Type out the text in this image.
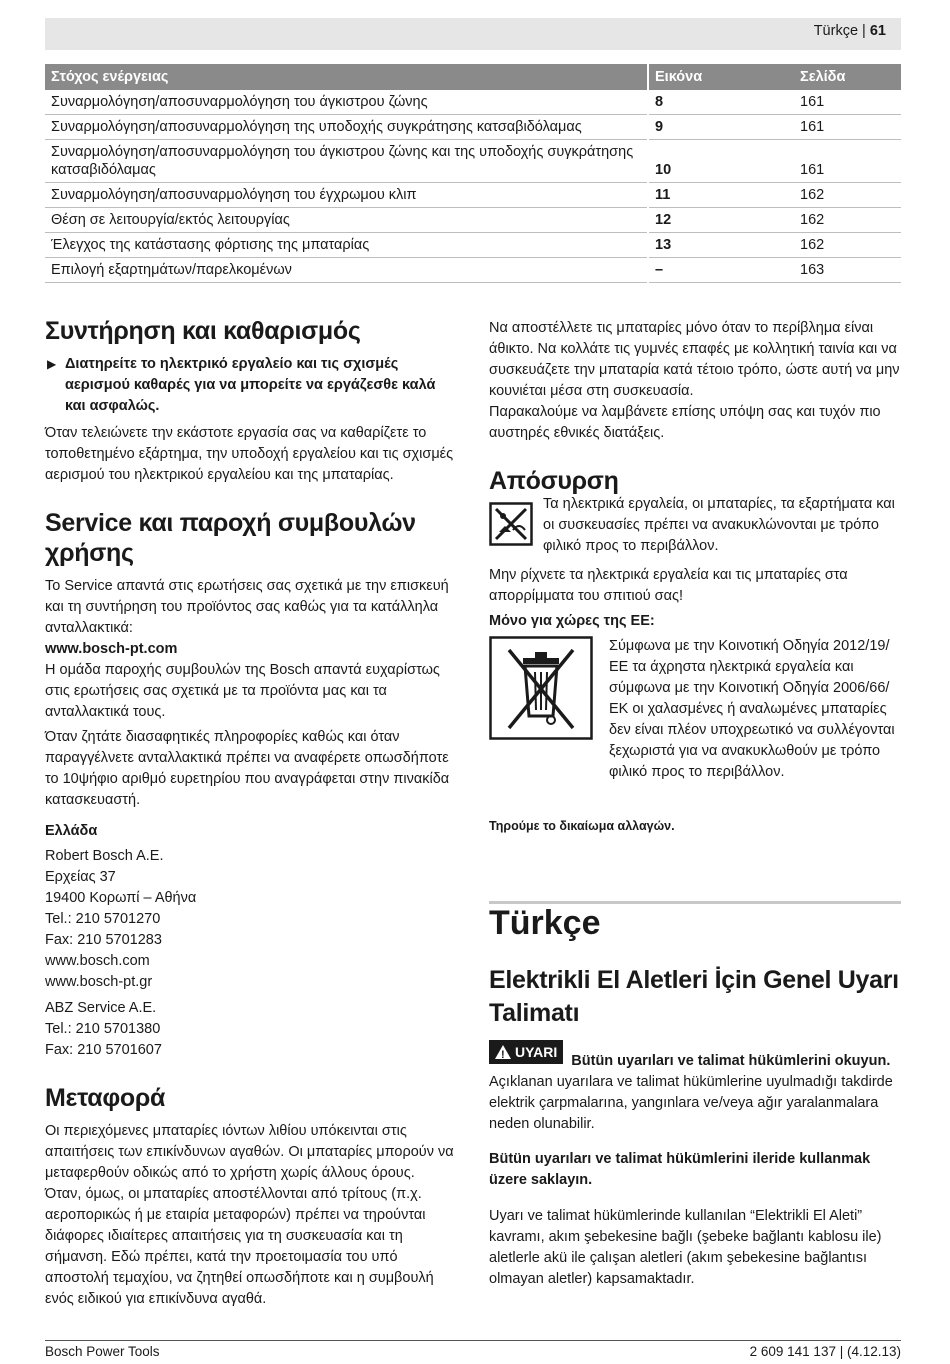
Türkçe | 61
Στόχος ενέργειας	Εικόνα	Σελίδα
Συναρμολόγηση/αποσυναρμολόγηση του άγκιστρου ζώνης	8	161
Συναρμολόγηση/αποσυναρμολόγηση της υποδοχής συγκράτησης κατσαβιδόλαμας	9	161
Συναρμολόγηση/αποσυναρμολόγηση του άγκιστρου ζώνης και της υποδοχής συγκράτησης κατσαβιδόλαμας	10	161
Συναρμολόγηση/αποσυναρμολόγηση του έγχρωμου κλιπ	11	162
Θέση σε λειτουργία/εκτός λειτουργίας	12	162
Έλεγχος της κατάστασης φόρτισης της μπαταρίας	13	162
Επιλογή εξαρτημάτων/παρελκομένων	–	163
Συντήρηση και καθαρισμός
▶ Διατηρείτε το ηλεκτρικό εργαλείο και τις σχισμές αερισμού καθαρές για να μπορείτε να εργάζεσθε καλά και ασφαλώς.

Όταν τελειώνετε την εκάστοτε εργασία σας να καθαρίζετε το τοποθετημένο εξάρτημα, την υποδοχή εργαλείου και τις σχισμές αερισμού του ηλεκτρικού εργαλείου και της μπαταρίας.

Service και παροχή συμβουλών χρήσης

Το Service απαντά στις ερωτήσεις σας σχετικά με την επισκευή και τη συντήρηση του προϊόντος σας καθώς για τα κατάλληλα ανταλλακτικά:

www.bosch-pt.com

Η ομάδα παροχής συμβουλών της Bosch απαντά ευχαρίστως στις ερωτήσεις σας σχετικά με τα προϊόντα μας και τα ανταλλακτικά τους.

Όταν ζητάτε διασαφητικές πληροφορίες καθώς και όταν παραγγέλνετε ανταλλακτικά πρέπει να αναφέρετε οπωσδήποτε το 10ψήφιο αριθμό ευρετηρίου που αναγράφεται στην πινακίδα κατασκευαστή.

Ελλάδα

Robert Bosch A.E.
Ερχείας 37
19400 Κορωπί – Αθήνα
Tel.: 210 5701270
Fax: 210 5701283
www.bosch.com
www.bosch-pt.gr
ABZ Service A.E.
Tel.: 210 5701380
Fax: 210 5701607
Μεταφορά

Οι περιεχόμενες μπαταρίες ιόντων λιθίου υπόκεινται στις απαιτήσεις των επικίνδυνων αγαθών. Οι μπαταρίες μπορούν να μεταφερθούν οδικώς από το χρήστη χωρίς άλλους όρους.

Όταν, όμως, οι μπαταρίες αποστέλλονται από τρίτους (π.χ. αεροπορικώς ή με εταιρία μεταφορών) πρέπει να τηρούνται διάφορες ιδιαίτερες απαιτήσεις για τη συσκευασία και τη σήμανση. Εδώ πρέπει, κατά την προετοιμασία του υπό αποστολή τεμαχίου, να ζητηθεί οπωσδήποτε και η συμβουλή ενός ειδικού για επικίνδυνα αγαθά.

Να αποστέλλετε τις μπαταρίες μόνο όταν το περίβλημα είναι άθικτο. Να κολλάτε τις γυμνές επαφές με κολλητική ταινία και να συσκευάζετε την μπαταρία κατά τέτοιο τρόπο, ώστε αυτή να μην κουνιέται μέσα στη συσκευασία.

Παρακαλούμε να λαμβάνετε επίσης υπόψη σας και τυχόν πιο αυστηρές εθνικές διατάξεις.

Απόσυρση

Τα ηλεκτρικά εργαλεία, οι μπαταρίες, τα εξαρτήματα και οι συσκευασίες πρέπει να ανακυκλώνονται με τρόπο φιλικό προς το περιβάλλον.

Μην ρίχνετε τα ηλεκτρικά εργαλεία και τις μπαταρίες στα απορρίμματα του σπιτιού σας!

Μόνο για χώρες της ΕΕ:

Σύμφωνα με την Κοινοτική Οδηγία 2012/19/ΕΕ τα άχρηστα ηλεκτρικά εργαλεία και σύμφωνα με την Κοινοτική Οδηγία 2006/66/ΕΚ οι χαλασμένες ή αναλωμένες μπαταρίες δεν είναι πλέον υποχρεωτικό να συλλέγονται ξεχωριστά για να ανακυκλωθούν με τρόπο φιλικό προς το περιβάλλον.

Τηρούμε το δικαίωμα αλλαγών.

Türkçe
Elektrikli El Aletleri İçin Genel Uyarı Talimatı
!
UYARI

Bütün uyarıları ve talimat hükümlerini okuyun. Açıklanan uyarılara ve talimat hükümlerine uyulmadığı takdirde elektrik çarpmalarına, yangınlara ve/veya ağır yaralanmalara neden olunabilir.

Bütün uyarıları ve talimat hükümlerini ileride kullanmak üzere saklayın.

Uyarı ve talimat hükümlerinde kullanılan “Elektrikli El Aleti” kavramı, akım şebekesine bağlı (şebeke bağlantı kablosu ile) aletlerle akü ile çalışan aletleri (akım şebekesine bağlantısı olmayan aletler) kapsamaktadır.

Bosch Power Tools	2 609 141 137 | (4.12.13)
